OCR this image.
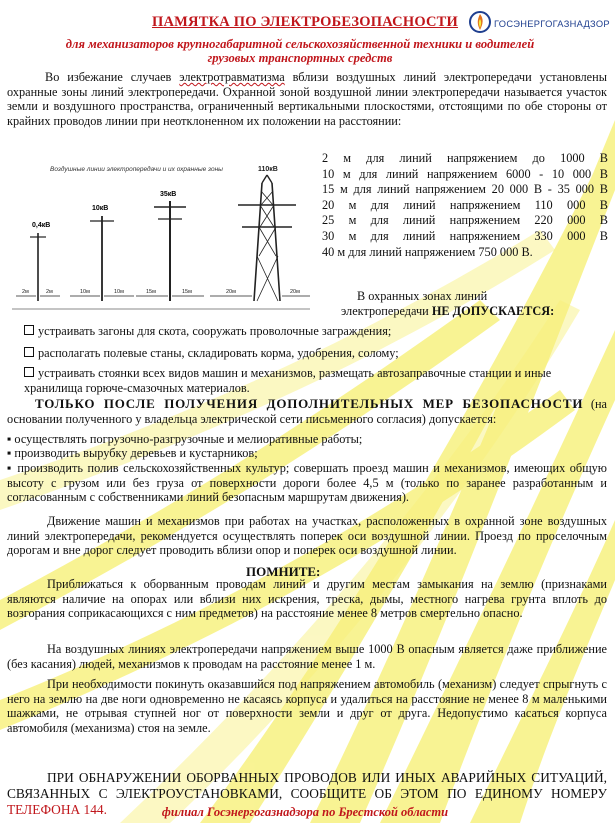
ПАМЯТКА ПО ЭЛЕКТРОБЕЗОПАСНОСТИ	ГОСЭНЕРГОГАЗНАДЗОР
для механизаторов крупногабаритной сельскохозяйственной техники и водителей
грузовых транспортных средств
Во избежание случаев электротравматизма вблизи воздушных линий электропередачи установлены охранные зоны линий электропередачи. Охранной зоной воздушной линии электропередачи называется участок земли и воздушного пространства, ограниченный вертикальными плоскостями, отстоящими по обе стороны от крайних проводов линии при неотклоненном их положении на расстоянии:
Воздушные линии электропередачи и их охранные зоны
0,4кВ
10кВ
35кВ
110кВ
2м	2м	10м	10м	15м	15м	20м	20м
2 м для линий напряжением до 1000 В
10 м для линий напряжением 6000 - 10 000 В
15 м для линий напряжением 20 000 В - 35 000 В
20 м для линий напряжением 110 000 В
25 м для линий напряжением 220 000 В
30 м для линий напряжением 330 000 В
40 м для линий напряжением 750 000 В.
В охранных зонах линий
электропередачи НЕ ДОПУСКАЕТСЯ:
устраивать загоны для скота, сооружать проволочные заграждения;
располагать полевые станы, складировать корма, удобрения, солому;
устраивать стоянки всех видов машин и механизмов, размещать автозаправочные станции и иные хранилища горюче-смазочных материалов.
ТОЛЬКО ПОСЛЕ ПОЛУЧЕНИЯ ДОПОЛНИТЕЛЬНЫХ МЕР БЕЗОПАСНОСТИ (на основании полученного у владельца электрической сети письменного согласия) допускается:
▪ осуществлять погрузочно-разгрузочные и мелиоративные работы;
▪ производить вырубку деревьев и кустарников;
▪ производить полив сельскохозяйственных культур; совершать проезд машин и механизмов, имеющих общую высоту с грузом или без груза от поверхности дороги более 4,5 м (только по заранее разработанным и согласованным с собственниками линий безопасным маршрутам движения).
Движение машин и механизмов при работах на участках, расположенных в охранной зоне воздушных линий электропередачи, рекомендуется осуществлять поперек оси воздушной линии. Проезд по проселочным дорогам и вне дорог следует проводить вблизи опор и поперек оси воздушной линии.
ПОМНИТЕ:
Приближаться к оборванным проводам линий и другим местам замыкания на землю (признаками являются наличие на опорах или вблизи них искрения, треска, дымы, местного нагрева грунта вплоть до возгорания соприкасающихся с ним предметов) на расстояние менее 8 метров смертельно опасно.
На воздушных линиях электропередачи напряжением выше 1000 В опасным является даже приближение (без касания) людей, механизмов к проводам на расстояние менее 1 м.
При необходимости покинуть оказавшийся под напряжением автомобиль (механизм) следует спрыгнуть с него на землю на две ноги одновременно не касаясь корпуса и удалиться на расстояние не менее 8 м маленькими шажками, не отрывая ступней ног от поверхности земли и друг от друга. Недопустимо касаться корпуса автомобиля (механизма) стоя на земле.
ПРИ ОБНАРУЖЕНИИ ОБОРВАННЫХ ПРОВОДОВ ИЛИ ИНЫХ АВАРИЙНЫХ СИТУАЦИЙ, СВЯЗАННЫХ С ЭЛЕКТРОУСТАНОВКАМИ, СООБЩИТЕ ОБ ЭТОМ ПО ЕДИНОМУ НОМЕРУ ТЕЛЕФОНА 144.	филиал Госэнергогазнадзора по Брестской области
